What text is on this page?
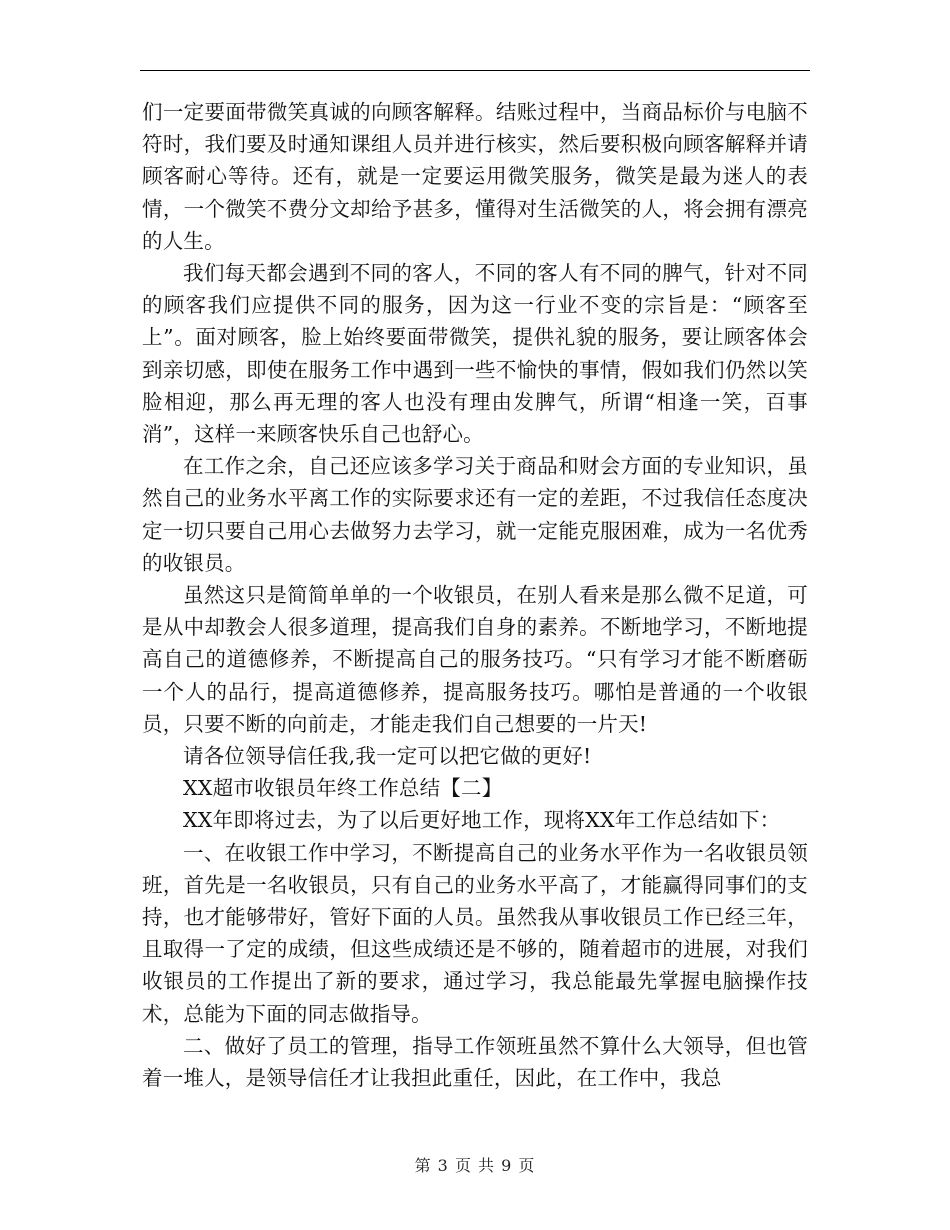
们一定要面带微笑真诚的向顾客解释。结账过程中，当商品标价与电脑不符时，我们要及时通知课组人员并进行核实，然后要积极向顾客解释并请顾客耐心等待。还有，就是一定要运用微笑服务，微笑是最为迷人的表情，一个微笑不费分文却给予甚多，懂得对生活微笑的人，将会拥有漂亮的人生。

我们每天都会遇到不同的客人，不同的客人有不同的脾气，针对不同的顾客我们应提供不同的服务，因为这一行业不变的宗旨是：“顾客至上”。面对顾客，脸上始终要面带微笑，提供礼貌的服务，要让顾客体会到亲切感，即使在服务工作中遇到一些不愉快的事情，假如我们仍然以笑脸相迎，那么再无理的客人也没有理由发脾气，所谓“相逢一笑，百事消”，这样一来顾客快乐自己也舒心。

在工作之余，自己还应该多学习关于商品和财会方面的专业知识，虽然自己的业务水平离工作的实际要求还有一定的差距，不过我信任态度决定一切只要自己用心去做努力去学习，就一定能克服困难，成为一名优秀的收银员。

虽然这只是简简单单的一个收银员，在别人看来是那么微不足道，可是从中却教会人很多道理，提高我们自身的素养。不断地学习，不断地提高自己的道德修养，不断提高自己的服务技巧。“只有学习才能不断磨砺一个人的品行，提高道德修养，提高服务技巧。哪怕是普通的一个收银员，只要不断的向前走，才能走我们自己想要的一片天!

请各位领导信任我,我一定可以把它做的更好!

XX超市收银员年终工作总结【二】

XX年即将过去，为了以后更好地工作，现将XX年工作总结如下：

一、在收银工作中学习，不断提高自己的业务水平作为一名收银员领班，首先是一名收银员，只有自己的业务水平高了，才能赢得同事们的支持，也才能够带好，管好下面的人员。虽然我从事收银员工作已经三年，且取得一了定的成绩，但这些成绩还是不够的，随着超市的进展，对我们收银员的工作提出了新的要求，通过学习，我总能最先掌握电脑操作技术，总能为下面的同志做指导。

二、做好了员工的管理，指导工作领班虽然不算什么大领导，但也管着一堆人，是领导信任才让我担此重任，因此，在工作中，我总

第 3 页 共 9 页
